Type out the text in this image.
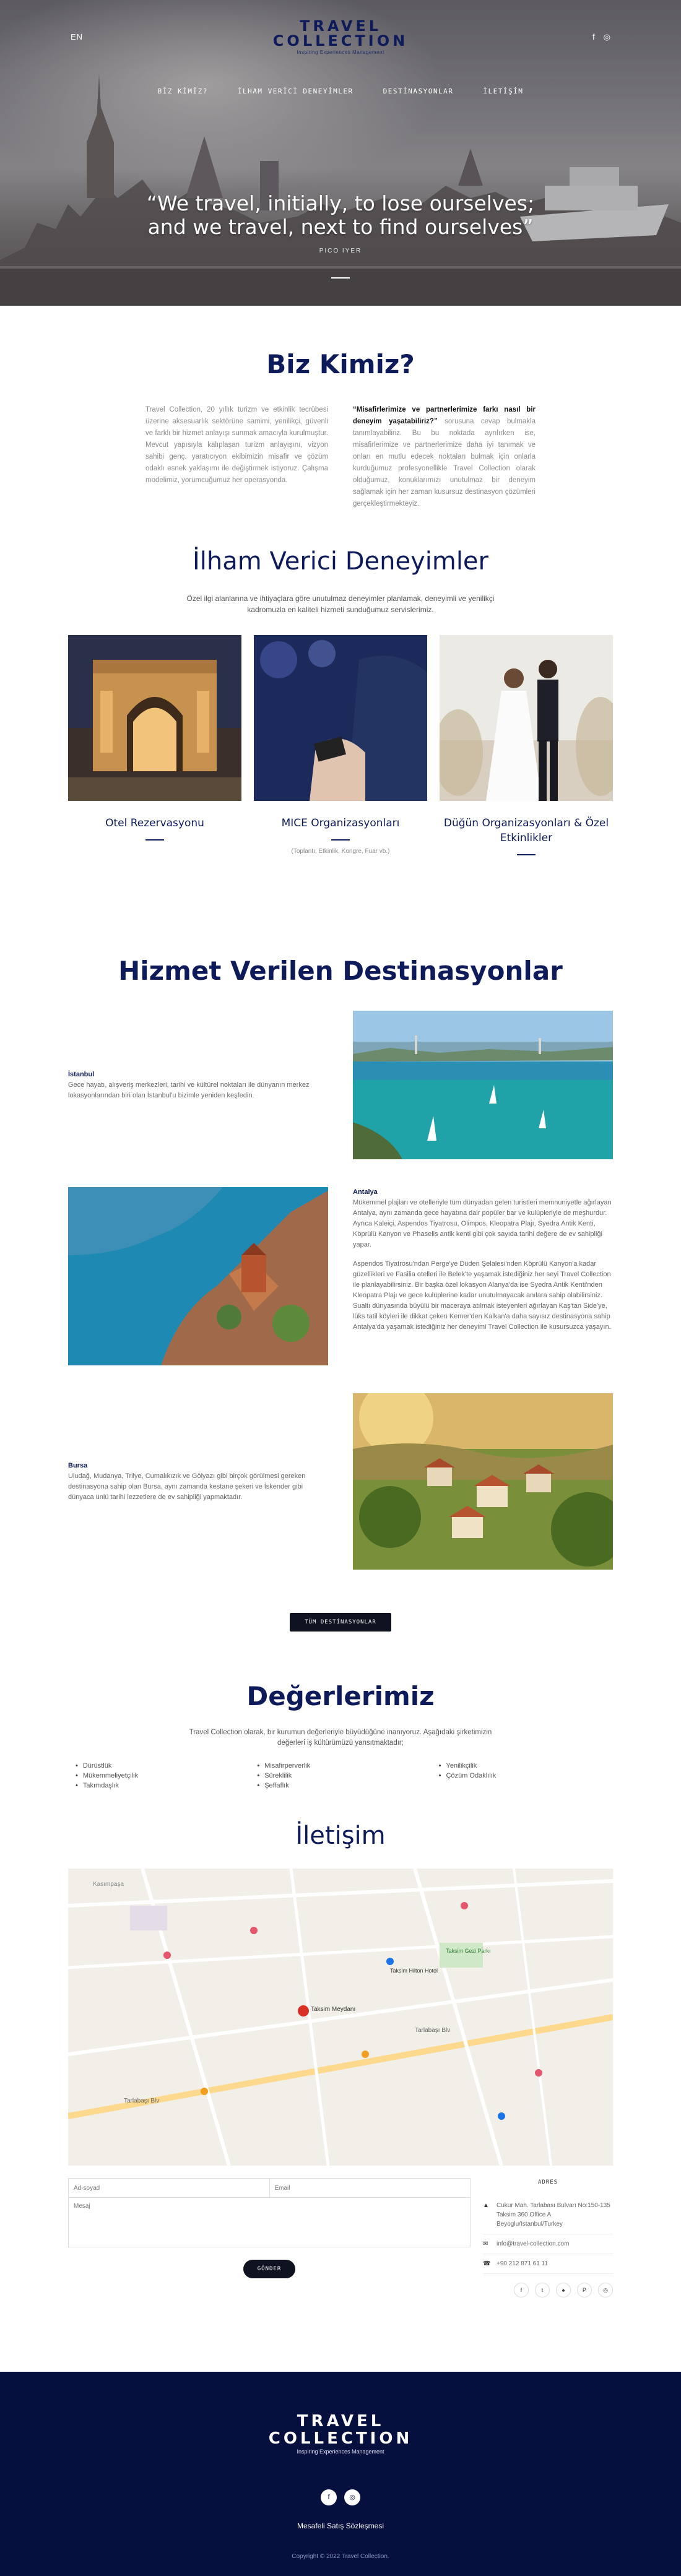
EN
TRAVEL
COLLECTION
Inspiring Experiences Management
f ◎
BİZ KİMİZ?	İLHAM VERİCİ DENEYİMLER	DESTİNASYONLAR	İLETİŞİM
“We travel, initially, to lose ourselves;
and we travel, next to find ourselves”
PICO IYER
Biz Kimiz?

Travel Collection, 20 yıllık turizm ve etkinlik tecrübesi üzerine aksesuarlık sektörüne samimi, yenilikçi, güvenli ve farklı bir hizmet anlayışı sunmak amacıyla kurulmuştur. Mevcut yapısıyla kalıplaşan turizm anlayışını, vizyon sahibi genç, yaratıcıyon ekibimizin misafir ve çözüm odaklı esnek yaklaşımı ile değiştirmek istiyoruz. Çalışma modelimiz, yorumcuğumuz her operasyonda.

“Misafirlerimize ve partnerlerimize farkı nasıl bir deneyim yaşatabiliriz?” sorusuna cevap bulmakla tanımlayabiliriz. Bu bu noktada ayrılırken ise, misafirlerimize ve partnerlerimize daha iyi tanımak ve onları en mutlu edecek noktaları bulmak için onlarla kurduğumuz profesyonellikle Travel Collection olarak olduğumuz, konuklarımızı unutulmaz bir deneyim sağlamak için her zaman kusursuz destinasyon çözümleri gerçekleştirmekteyiz.

İlham Verici Deneyimler

Özel ilgi alanlarına ve ihtiyaçlara göre unutulmaz deneyimler planlamak, deneyimli ve yenilikçi kadromuzla en kaliteli hizmeti sunduğumuz servislerimiz.

Otel Rezervasyonu	MICE Organizasyonları
(Toplantı, Etkinlik, Kongre, Fuar vb.)
Düğün Organizasyonları & Özel Etkinlikler
Hizmet Verilen Destinasyonlar
İstanbul
Gece hayatı, alışveriş merkezleri, tarihi ve kültürel noktaları ile dünyanın merkez lokasyonlarından biri olan İstanbul'u bizimle yeniden keşfedin.
Antalya
Mükemmel plajları ve otelleriyle tüm dünyadan gelen turistleri memnuniyetle ağırlayan Antalya, aynı zamanda gece hayatına dair popüler bar ve kulüpleriyle de meşhurdur. Ayrıca Kaleiçi, Aspendos Tiyatrosu, Olimpos, Kleopatra Plajı, Syedra Antik Kenti, Köprülü Kanyon ve Phaselis antik kenti gibi çok sayıda tarihi değere de ev sahipliği yapar.

Aspendos Tiyatrosu'ndan Perge'ye Düden Şelalesi'nden Köprülü Kanyon'a kadar güzellikleri ve Fasilia otelleri ile Belek'te yaşamak istediğiniz her seyi Travel Collection ile planlayabilirsiniz. Bir başka özel lokasyon Alanya'da ise Syedra Antik Kenti'nden Kleopatra Plajı ve gece kulüplerine kadar unutulmayacak anılara sahip olabilirsiniz. Sualtı dünyasında büyülü bir maceraya atılmak isteyenleri ağırlayan Kaş'tan Side'ye, lüks tatil köyleri ile dikkat çeken Kemer'den Kalkan'a daha sayısız destinasyona sahip Antalya'da yaşamak istediğiniz her deneyimi Travel Collection ile kusursuzca yaşayın.

Bursa
Uludağ, Mudanya, Trilye, Cumalıkızık ve Gölyazı gibi birçok görülmesi gereken destinasyona sahip olan Bursa, aynı zamanda kestane şekeri ve İskender gibi dünyaca ünlü tarihi lezzetlere de ev sahipliği yapmaktadır.
TÜM DESTİNASYONLAR
Değerlerimiz

Travel Collection olarak, bir kurumun değerleriyle büyüdüğüne inanıyoruz. Aşağıdaki şirketimizin değerleri iş kültürümüzü yansıtmaktadır;

• Dürüstlük
• Mükemmeliyetçilik
• Takımdaşlık
• Misafirperverlik
• Süreklilik
• Şeffaflık
• Yenilikçilik
• Çözüm Odaklılık
İletişim
Taksim Meydanı
Tarlabaşı Blv
Tarlabaşı Blv
Taksim Hilton Hotel
Kasımpaşa
Taksim Gezi Parkı
Ad-soyad
Email
Mesaj
GÖNDER
ADRES
▲ Cukur Mah. Tarlabası Bulvarı No:150-135 Taksim 360 Office A Beyoglu/Istanbul/Turkey
✉	info@travel-collection.com
☎ +90 212 871 61 11
f	t	♠	P	◎
TRAVEL
COLLECTION
Inspiring Experiences Management
f	◎
Mesafeli Satış Sözleşmesi
Copyright © 2022 Travel Collection.
